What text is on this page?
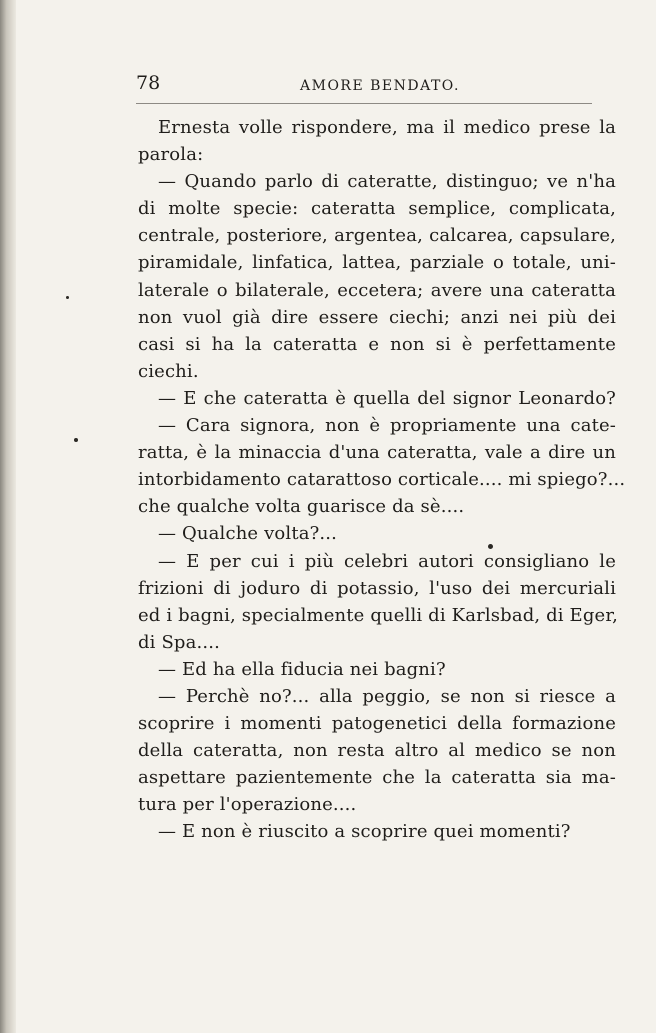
78	AMORE BENDATO.
Ernesta volle rispondere, ma il medico prese la
parola:
— Quando parlo di cateratte, distinguo; ve n'ha
di molte specie: cateratta semplice, complicata,
centrale, posteriore, argentea, calcarea, capsulare,
piramidale, linfatica, lattea, parziale o totale, uni-
laterale o bilaterale, eccetera; avere una cateratta
non vuol già dire essere ciechi; anzi nei più dei
casi si ha la cateratta e non si è perfettamente
ciechi.
— E che cateratta è quella del signor Leonardo?
— Cara signora, non è propriamente una cate-
ratta, è la minaccia d'una cateratta, vale a dire un
intorbidamento catarattoso corticale.... mi spiego?...
che qualche volta guarisce da sè....
— Qualche volta?...
— E per cui i più celebri autori consigliano le
frizioni di joduro di potassio, l'uso dei mercuriali
ed i bagni, specialmente quelli di Karlsbad, di Eger,
di Spa....
— Ed ha ella fiducia nei bagni?
— Perchè no?... alla peggio, se non si riesce a
scoprire i momenti patogenetici della formazione
della cateratta, non resta altro al medico se non
aspettare pazientemente che la cateratta sia ma-
tura per l'operazione....
— E non è riuscito a scoprire quei momenti?
